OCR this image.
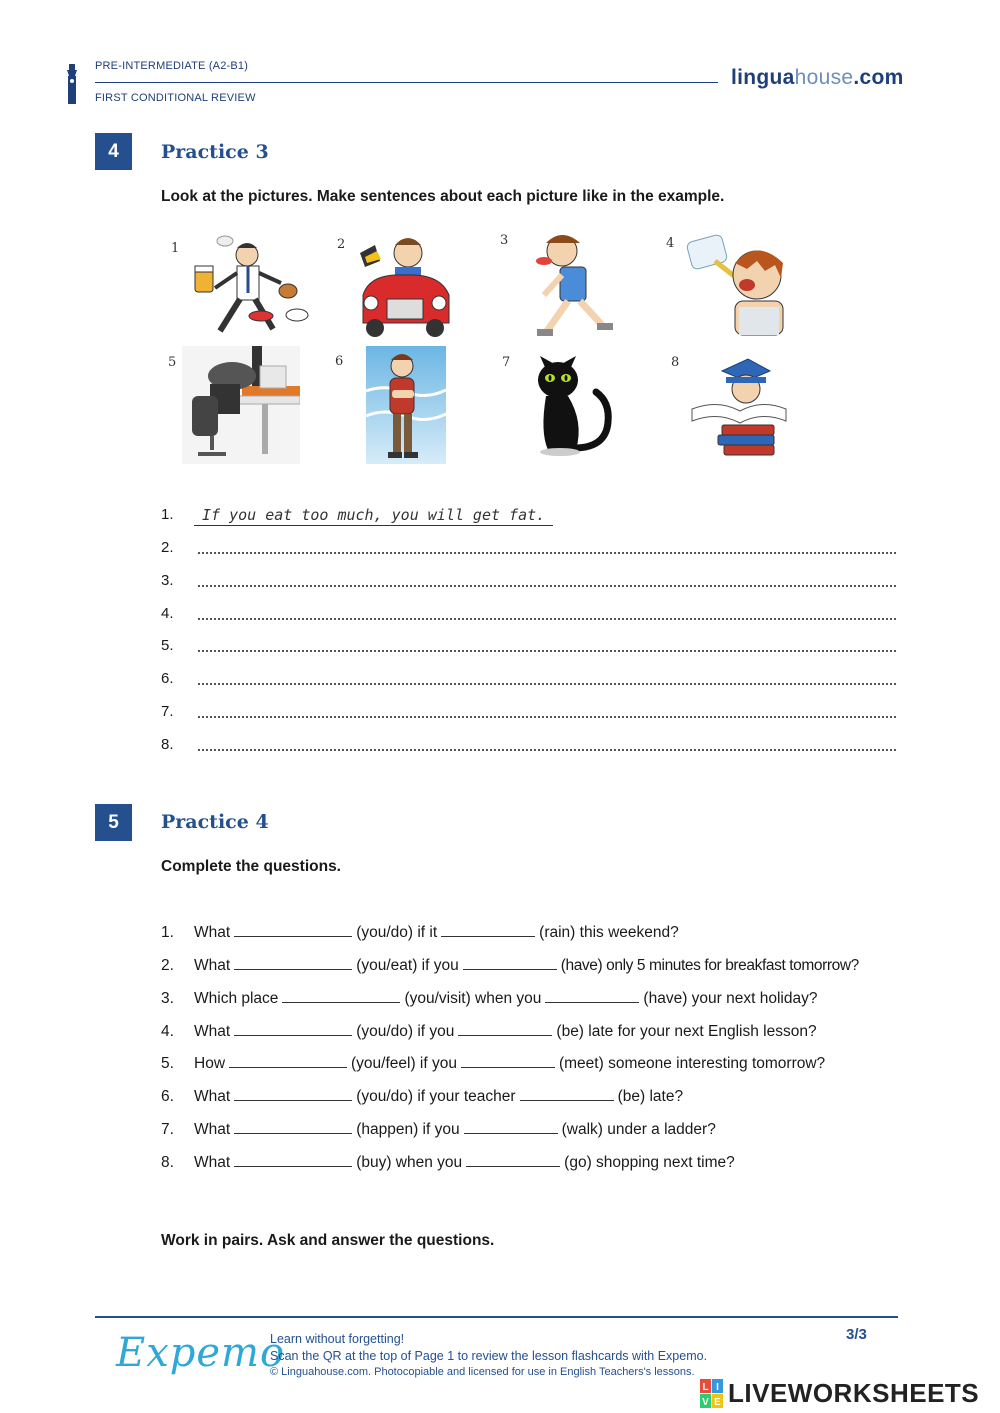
PRE-INTERMEDIATE (A2-B1)
FIRST CONDITIONAL REVIEW
linguahouse.com
4	Practice 3
Look at the pictures. Make sentences about each picture like in the example.
1	2	3	4
5	6	7	8
1.	If you eat too much, you will get fat.
2.
3.
4.
5.
6.
7.
8.
5	Practice 4
Complete the questions.
1.	What	(you/do) if it	(rain) this weekend?
2.	What	(you/eat) if you	(have) only 5 minutes for breakfast tomorrow?
3.	Which place	(you/visit) when you	(have) your next holiday?
4.	What	(you/do) if you	(be) late for your next English lesson?
5.	How	(you/feel) if you	(meet) someone interesting tomorrow?
6.	What	(you/do) if your teacher	(be) late?
7.	What	(happen) if you	(walk) under a ladder?
8.	What	(buy) when you	(go) shopping next time?
Work in pairs. Ask and answer the questions.
Expemo
Learn without forgetting!
Scan the QR at the top of Page 1 to review the lesson flashcards with Expemo.
© Linguahouse.com. Photocopiable and licensed for use in English Teachers's lessons.
3/3
L I
V E LIVEWORKSHEETS
